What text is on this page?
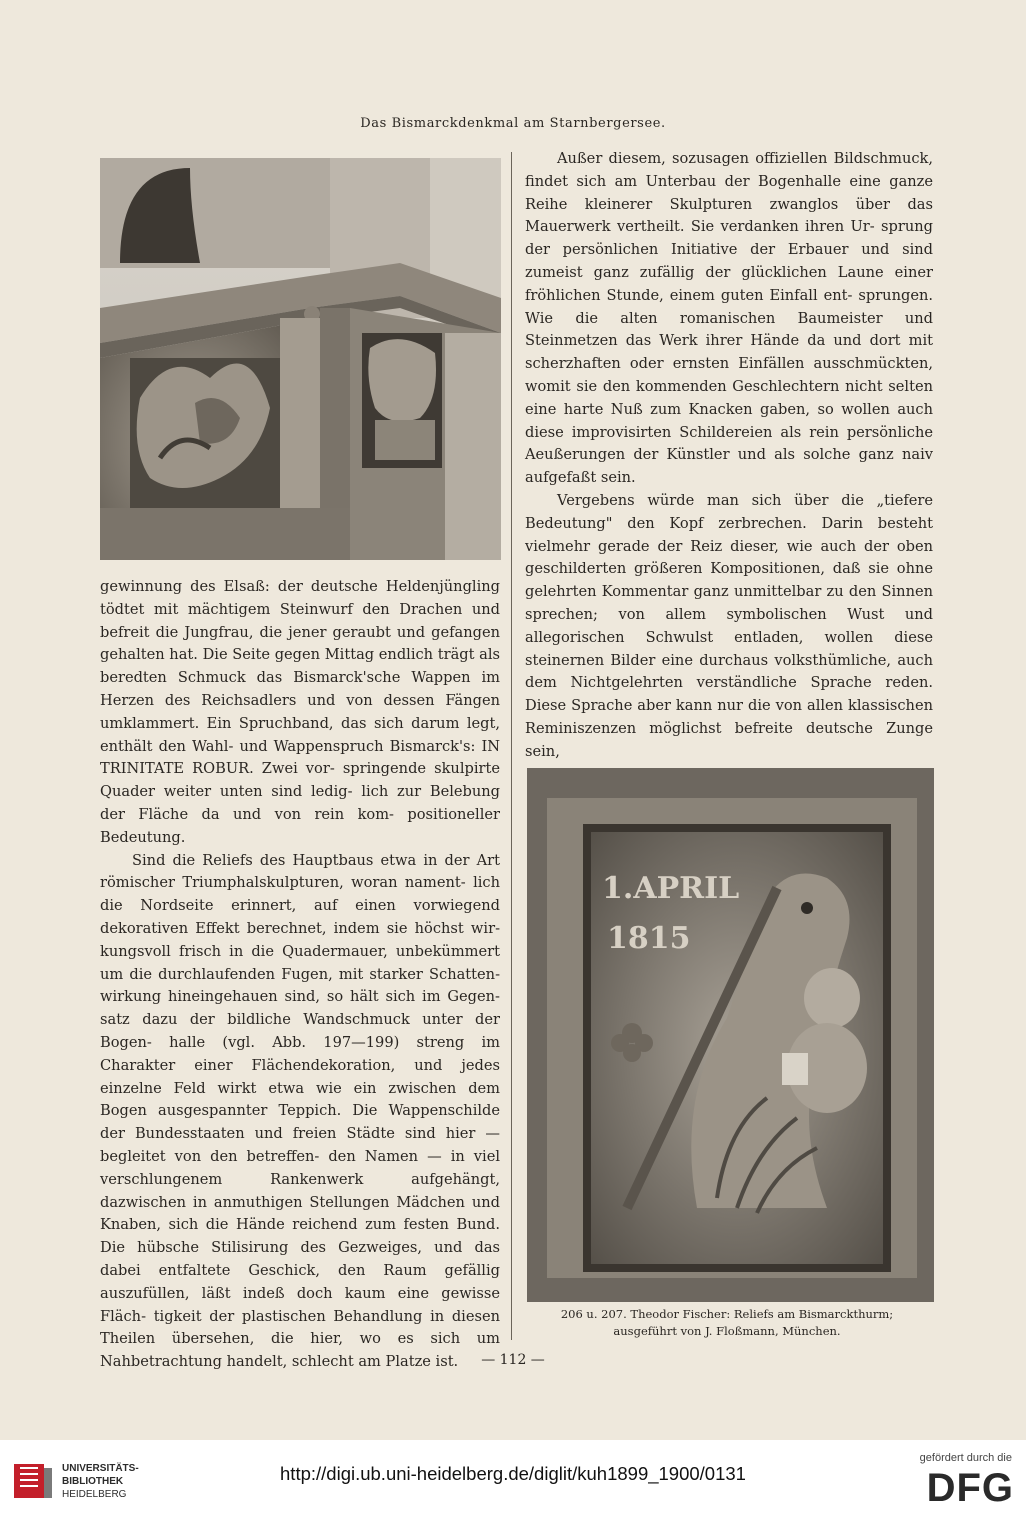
Das Bismarckdenkmal am Starnbergersee.

gewinnung des Elsaß: der deutsche Heldenjüngling tödtet mit mächtigem Steinwurf den Drachen und befreit die Jungfrau, die jener geraubt und gefangen gehalten hat. Die Seite gegen Mittag endlich trägt als beredten Schmuck das Bismarck'sche Wappen im Herzen des Reichsadlers und von dessen Fängen umklammert. Ein Spruchband, das sich darum legt, enthält den Wahl- und Wappenspruch Bismarck's: IN TRINITATE ROBUR. Zwei vor- springende skulpirte Quader weiter unten sind ledig- lich zur Belebung der Fläche da und von rein kom- positioneller Bedeutung.

Sind die Reliefs des Hauptbaus etwa in der Art römischer Triumphalskulpturen, woran nament- lich die Nordseite erinnert, auf einen vorwiegend dekorativen Effekt berechnet, indem sie höchst wir- kungsvoll frisch in die Quadermauer, unbekümmert um die durchlaufenden Fugen, mit starker Schatten- wirkung hineingehauen sind, so hält sich im Gegen- satz dazu der bildliche Wandschmuck unter der Bogen- halle (vgl. Abb. 197—199) streng im Charakter einer Flächendekoration, und jedes einzelne Feld wirkt etwa wie ein zwischen dem Bogen ausgespannter Teppich. Die Wappenschilde der Bundesstaaten und freien Städte sind hier — begleitet von den betreffen- den Namen — in viel verschlungenem Rankenwerk	aufgehängt, dazwischen in anmuthigen Stellungen Mädchen und Knaben, sich die Hände reichend zum festen Bund. Die hübsche Stilisirung des Gezweiges, und das dabei entfaltete Geschick, den Raum gefällig auszufüllen, läßt indeß doch kaum eine gewisse Fläch- tigkeit der plastischen Behandlung in diesen Theilen übersehen, die hier, wo es sich um Nahbetrachtung handelt, schlecht am Platze ist.

Außer diesem, sozusagen offiziellen Bildschmuck, findet sich am Unterbau der Bogenhalle eine ganze Reihe kleinerer Skulpturen zwanglos über das Mauerwerk vertheilt. Sie verdanken ihren Ur- sprung der persönlichen Initiative der Erbauer und sind zumeist ganz zufällig der glücklichen Laune einer fröhlichen Stunde, einem guten Einfall ent- sprungen. Wie die alten romanischen Baumeister und Steinmetzen das Werk ihrer Hände da und dort mit scherzhaften oder ernsten Einfällen ausschmückten, womit sie den kommenden Geschlechtern nicht selten eine harte Nuß zum Knacken gaben, so wollen auch diese improvisirten Schildereien als rein persönliche Aeußerungen der Künstler und als solche ganz naiv aufgefaßt sein.

Vergebens würde man sich über die „tiefere Bedeutung" den Kopf zerbrechen. Darin besteht vielmehr gerade der Reiz dieser, wie auch der oben geschilderten größeren Kompositionen, daß sie ohne gelehrten Kommentar ganz unmittelbar zu den Sinnen sprechen; von allem symbolischen Wust und allegorischen Schwulst entladen, wollen diese steinernen Bilder eine durchaus volksthümliche, auch dem Nichtgelehrten verständliche Sprache reden. Diese Sprache aber kann nur die von allen klassischen Reminiszenzen möglichst befreite deutsche Zunge sein,

1.APRIL
1815
206 u. 207. Theodor Fischer: Reliefs am Bismarckthurm;
ausgeführt von J. Floßmann, München.
— 112 —
UNIVERSITÄTS-
BIBLIOTHEK
HEIDELBERG
http://digi.ub.uni-heidelberg.de/diglit/kuh1899_1900/0131
gefördert durch die
DFG
